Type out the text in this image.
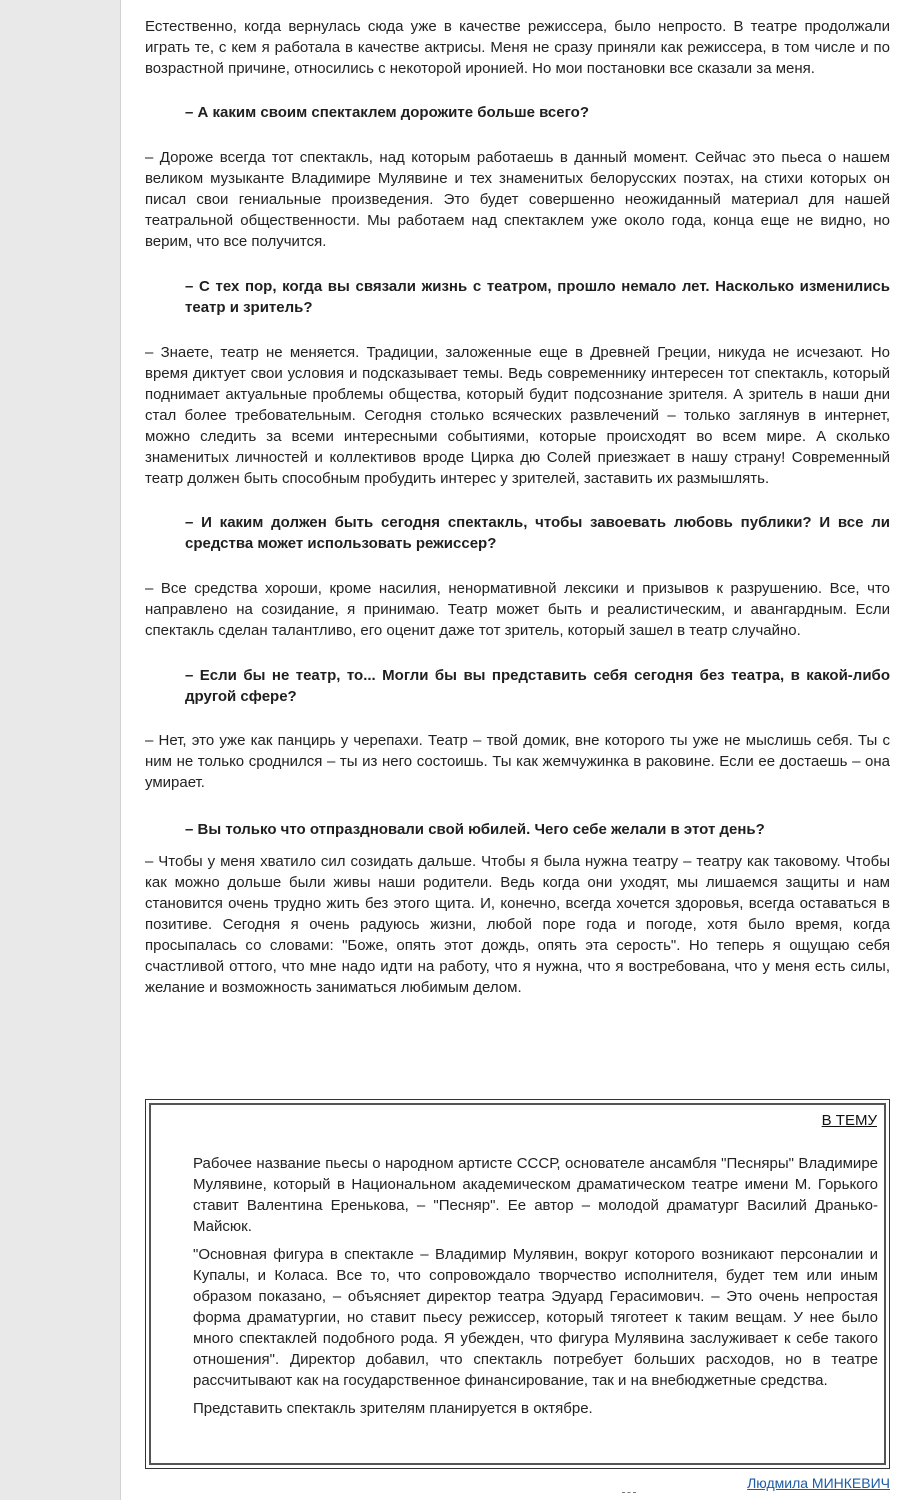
Естественно, когда вернулась сюда уже в качестве режиссера, было непросто. В театре продолжали играть те, с кем я работала в качестве актрисы. Меня не сразу приняли как режиссера, в том числе и по возрастной причине, относились с некоторой иронией. Но мои постановки все сказали за меня.

– А каким своим спектаклем дорожите больше всего?

– Дороже всегда тот спектакль, над которым работаешь в данный момент. Сейчас это пьеса о нашем великом музыканте Владимире Мулявине и тех знаменитых белорусских поэтах, на стихи которых он писал свои гениальные произведения. Это будет совершенно неожиданный материал для нашей театральной общественности. Мы работаем над спектаклем уже около года, конца еще не видно, но верим, что все получится.

– С тех пор, когда вы связали жизнь с театром, прошло немало лет. Насколько изменились театр и зритель?

– Знаете, театр не меняется. Традиции, заложенные еще в Древней Греции, никуда не исчезают. Но время диктует свои условия и подсказывает темы. Ведь современнику интересен тот спектакль, который поднимает актуальные проблемы общества, который будит подсознание зрителя. А зритель в наши дни стал более требовательным. Сегодня столько всяческих развлечений – только заглянув в интернет, можно следить за всеми интересными событиями, которые происходят во всем мире. А сколько знаменитых личностей и коллективов вроде Цирка дю Солей приезжает в нашу страну! Современный театр должен быть способным пробудить интерес у зрителей, заставить их размышлять.

– И каким должен быть сегодня спектакль, чтобы завоевать любовь публики? И все ли средства может использовать режиссер?

– Все средства хороши, кроме насилия, ненормативной лексики и призывов к разрушению. Все, что направлено на созидание, я принимаю. Театр может быть и реалистическим, и авангардным. Если спектакль сделан талантливо, его оценит даже тот зритель, который зашел в театр случайно.

– Если бы не театр, то... Могли бы вы представить себя сегодня без театра, в какой-либо другой сфере?

– Нет, это уже как панцирь у черепахи. Театр – твой домик, вне которого ты уже не мыслишь себя. Ты с ним не только сроднился – ты из него состоишь. Ты как жемчужинка в раковине. Если ее достаешь – она умирает.

– Вы только что отпраздновали свой юбилей. Чего себе желали в этот день?

– Чтобы у меня хватило сил созидать дальше. Чтобы я была нужна театру – театру как таковому. Чтобы как можно дольше были живы наши родители. Ведь когда они уходят, мы лишаемся защиты и нам становится очень трудно жить без этого щита. И, конечно, всегда хочется здоровья, всегда оставаться в позитиве. Сегодня я очень радуюсь жизни, любой поре года и погоде, хотя было время, когда просыпалась со словами: "Боже, опять этот дождь, опять эта серость". Но теперь я ощущаю себя счастливой оттого, что мне надо идти на работу, что я нужна, что я востребована, что у меня есть силы, желание и возможность заниматься любимым делом.

В ТЕМУ

Рабочее название пьесы о народном артисте СССР, основателе ансамбля "Песняры" Владимире Мулявине, который в Национальном академическом драматическом театре имени М. Горького ставит Валентина Еренькова, – "Песняр". Ее автор – молодой драматург Василий Дранько-Майсюк.

"Основная фигура в спектакле – Владимир Мулявин, вокруг которого возникают персоналии и Купалы, и Коласа. Все то, что сопровождало творчество исполнителя, будет тем или иным образом показано, – объясняет директор театра Эдуард Герасимович. – Это очень непростая форма драматургии, но ставит пьесу режиссер, который тяготеет к таким вещам. У нее было много спектаклей подобного рода. Я убежден, что фигура Мулявина заслуживает к себе такого отношения". Директор добавил, что спектакль потребует больших расходов, но в театре рассчитывают как на государственное финансирование, так и на внебюджетные средства.

Представить спектакль зрителям планируется в октябре.

Людмила МИНКЕВИЧ
